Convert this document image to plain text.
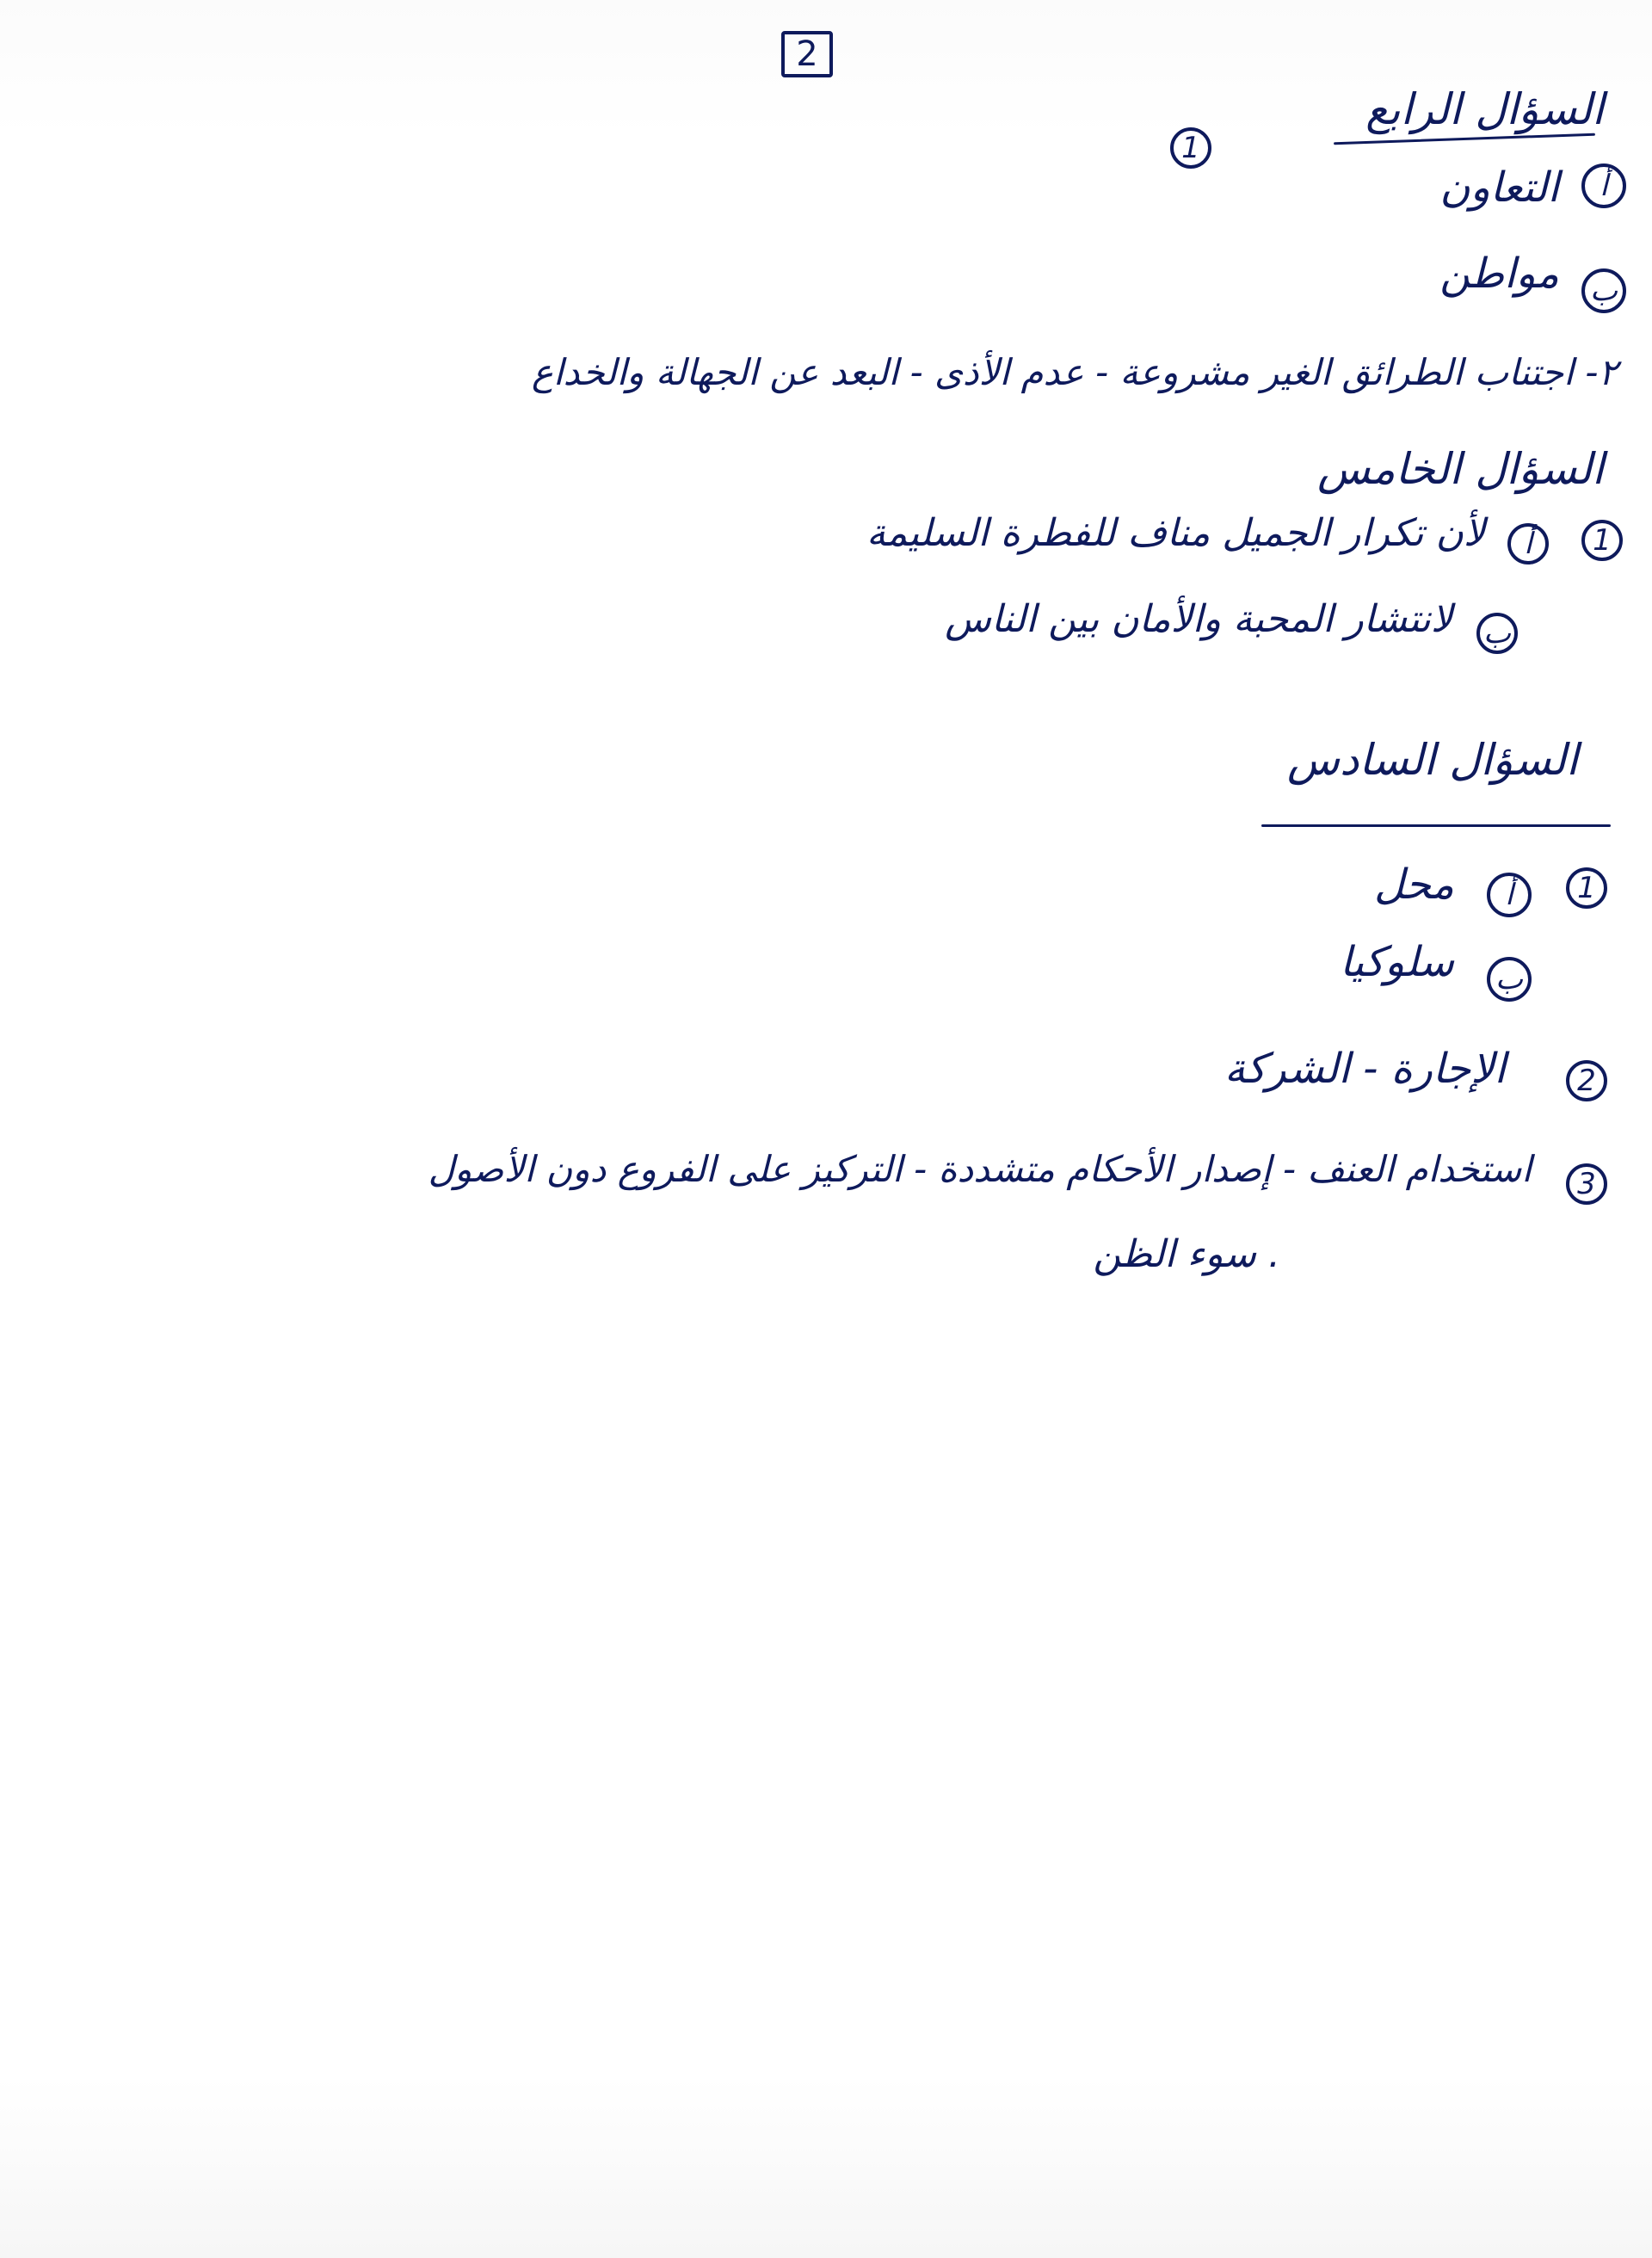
2
السؤال الرابع
1
أ
التعاون
ب
مواطن
٢- اجتناب الطرائق الغير مشروعة - عدم الأذى - البعد عن الجهالة والخداع
السؤال الخامس
1
أ
لأن تكرار الجميل مناف للفطرة السليمة
ب
لانتشار المحبة والأمان بين الناس
السؤال السادس
1
أ
محل
ب
سلوكيا
2
الإجارة - الشركة
3
استخدام العنف - إصدار الأحكام متشددة - التركيز على الفروع دون الأصول
. سوء الظن
